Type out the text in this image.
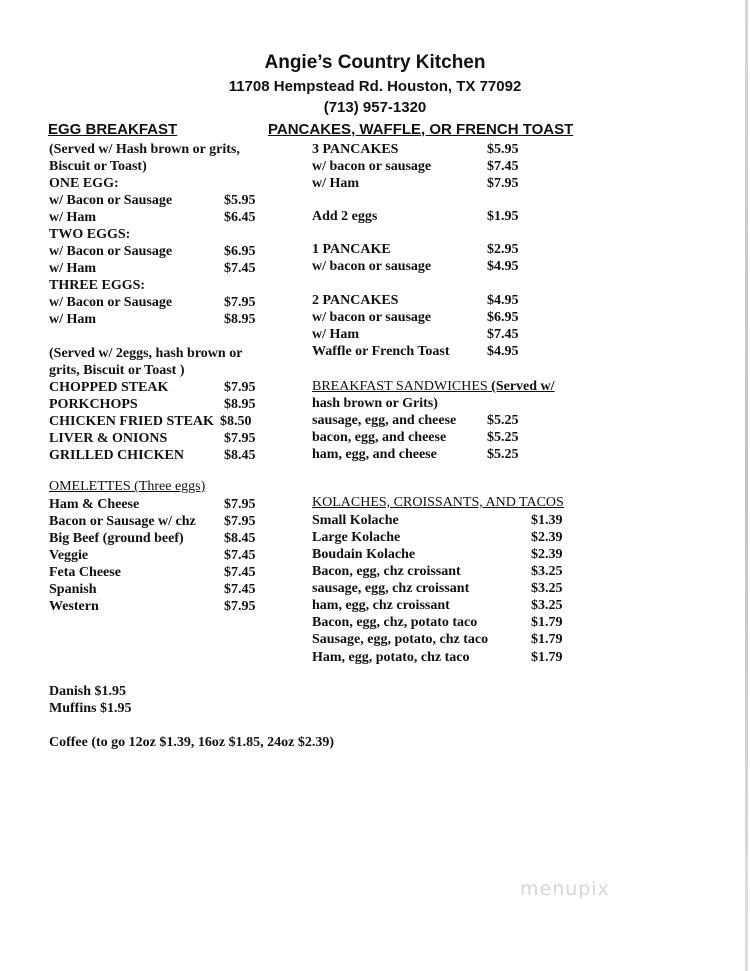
Angie’s Country Kitchen
11708 Hempstead Rd. Houston, TX 77092
(713) 957-1320
EGG BREAKFAST
(Served w/ Hash brown or grits,
Biscuit or Toast)
ONE EGG:
w/ Bacon or Sausage	$5.95
w/ Ham	$6.45
TWO EGGS:
w/ Bacon or Sausage	$6.95
w/ Ham	$7.45
THREE EGGS:
w/ Bacon or Sausage	$7.95
w/ Ham	$8.95
(Served w/ 2eggs, hash brown or
grits, Biscuit or Toast )
CHOPPED STEAK	$7.95
PORKCHOPS	$8.95
CHICKEN FRIED STEAK $8.50
LIVER & ONIONS	$7.95
GRILLED CHICKEN	$8.45
OMELETTES (Three eggs)
Ham & Cheese	$7.95
Bacon or Sausage w/ chz $7.95
Big Beef (ground beef)	$8.45
Veggie	$7.45
Feta Cheese	$7.45
Spanish	$7.45
Western	$7.95
PANCAKES, WAFFLE, OR FRENCH TOAST
3 PANCAKES	$5.95
w/ bacon or sausage	$7.45
w/ Ham	$7.95
Add 2 eggs	$1.95
1 PANCAKE	$2.95
w/ bacon or sausage	$4.95
2 PANCAKES	$4.95
w/ bacon or sausage	$6.95
w/ Ham	$7.45
Waffle or French Toast	$4.95
BREAKFAST SANDWICHES (Served w/
hash brown or Grits)
sausage, egg, and cheese $5.25
bacon, egg, and cheese	$5.25
ham, egg, and cheese	$5.25
KOLACHES, CROISSANTS, AND TACOS
Small Kolache	$1.39
Large Kolache	$2.39
Boudain Kolache	$2.39
Bacon, egg, chz croissant	$3.25
sausage, egg, chz croissant	$3.25
ham, egg, chz croissant	$3.25
Bacon, egg, chz, potato taco	$1.79
Sausage, egg, potato, chz taco	$1.79
Ham, egg, potato, chz taco	$1.79
Danish $1.95
Muffins $1.95
Coffee (to go 12oz $1.39, 16oz $1.85, 24oz $2.39)
menupix
